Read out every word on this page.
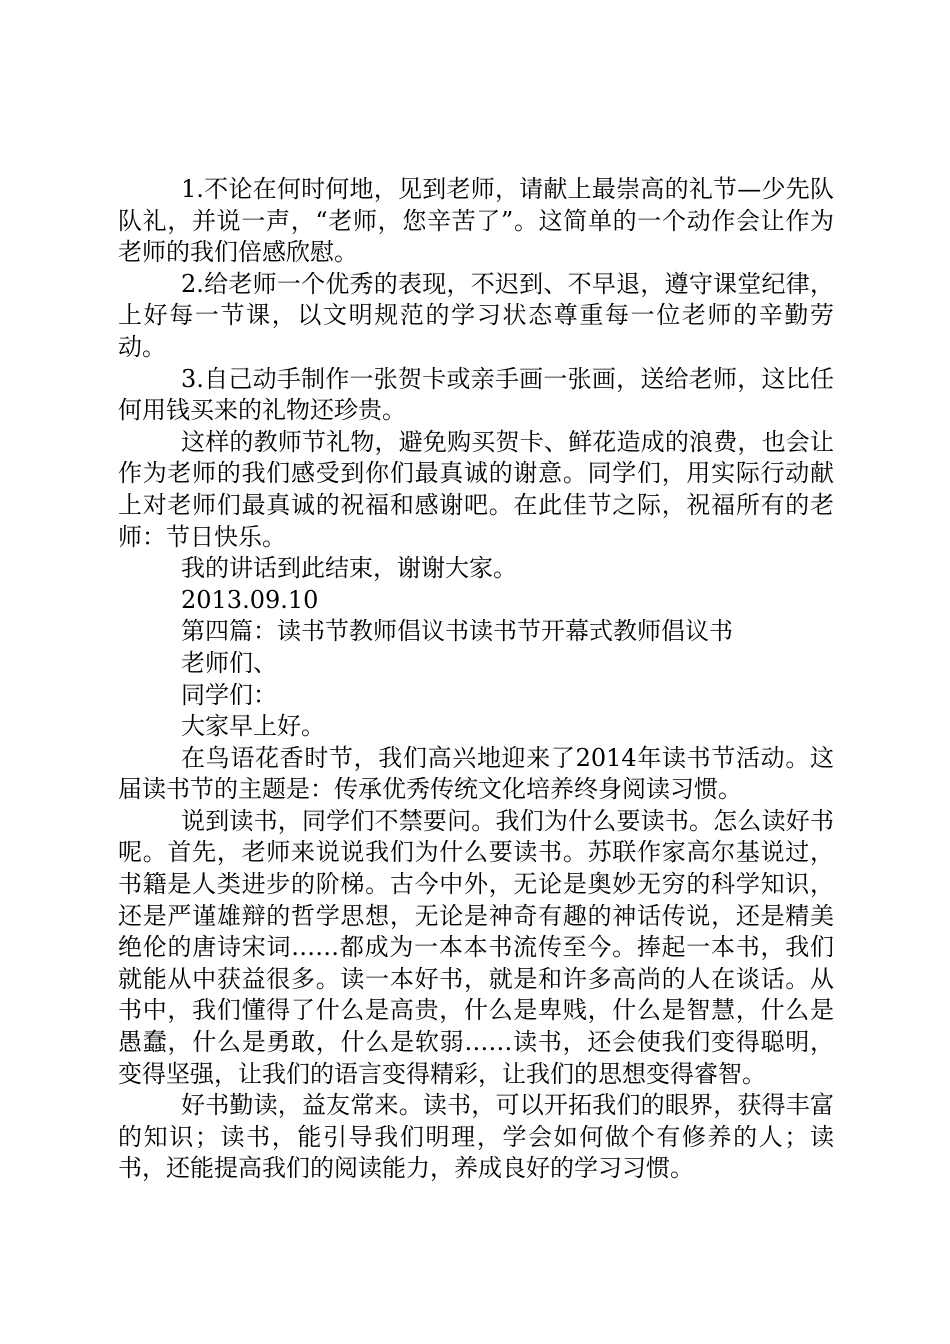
1.不论在何时何地，见到老师，请献上最崇高的礼节—少先队队礼，并说一声，“老师，您辛苦了”。这简单的一个动作会让作为老师的我们倍感欣慰。

2.给老师一个优秀的表现，不迟到、不早退，遵守课堂纪律，上好每一节课，以文明规范的学习状态尊重每一位老师的辛勤劳动。

3.自己动手制作一张贺卡或亲手画一张画，送给老师，这比任何用钱买来的礼物还珍贵。

这样的教师节礼物，避免购买贺卡、鲜花造成的浪费，也会让作为老师的我们感受到你们最真诚的谢意。同学们，用实际行动献上对老师们最真诚的祝福和感谢吧。在此佳节之际，祝福所有的老师：节日快乐。

我的讲话到此结束，谢谢大家。

2013.09.10

第四篇：读书节教师倡议书读书节开幕式教师倡议书

老师们、

同学们：

大家早上好。

在鸟语花香时节，我们高兴地迎来了2014年读书节活动。这届读书节的主题是：传承优秀传统文化培养终身阅读习惯。

说到读书，同学们不禁要问。我们为什么要读书。怎么读好书呢。首先，老师来说说我们为什么要读书。苏联作家高尔基说过，书籍是人类进步的阶梯。古今中外，无论是奥妙无穷的科学知识，还是严谨雄辩的哲学思想，无论是神奇有趣的神话传说，还是精美绝伦的唐诗宋词……都成为一本本书流传至今。捧起一本书，我们就能从中获益很多。读一本好书，就是和许多高尚的人在谈话。从书中，我们懂得了什么是高贵，什么是卑贱，什么是智慧，什么是愚蠢，什么是勇敢，什么是软弱……读书，还会使我们变得聪明，变得坚强，让我们的语言变得精彩，让我们的思想变得睿智。

好书勤读，益友常来。读书，可以开拓我们的眼界，获得丰富的知识；读书，能引导我们明理，学会如何做个有修养的人；读书，还能提高我们的阅读能力，养成良好的学习习惯。
